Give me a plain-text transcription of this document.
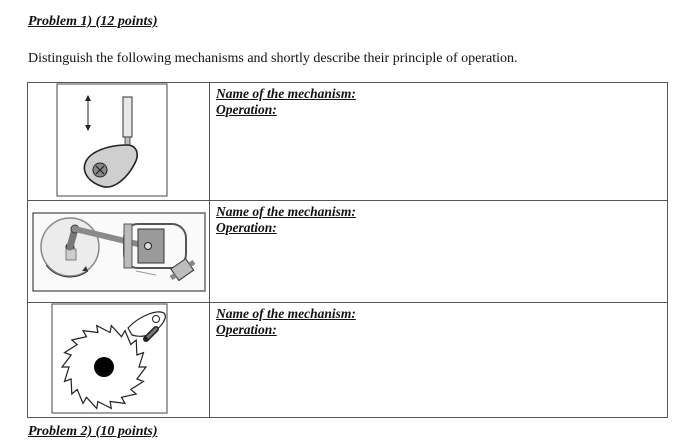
Problem 1) (12 points)
Distinguish the following mechanisms and shortly describe their principle of operation.

Name of the mechanism:
Operation:

Name of the mechanism:
Operation:

Name of the mechanism:
Operation:
Problem 2) (10 points)
